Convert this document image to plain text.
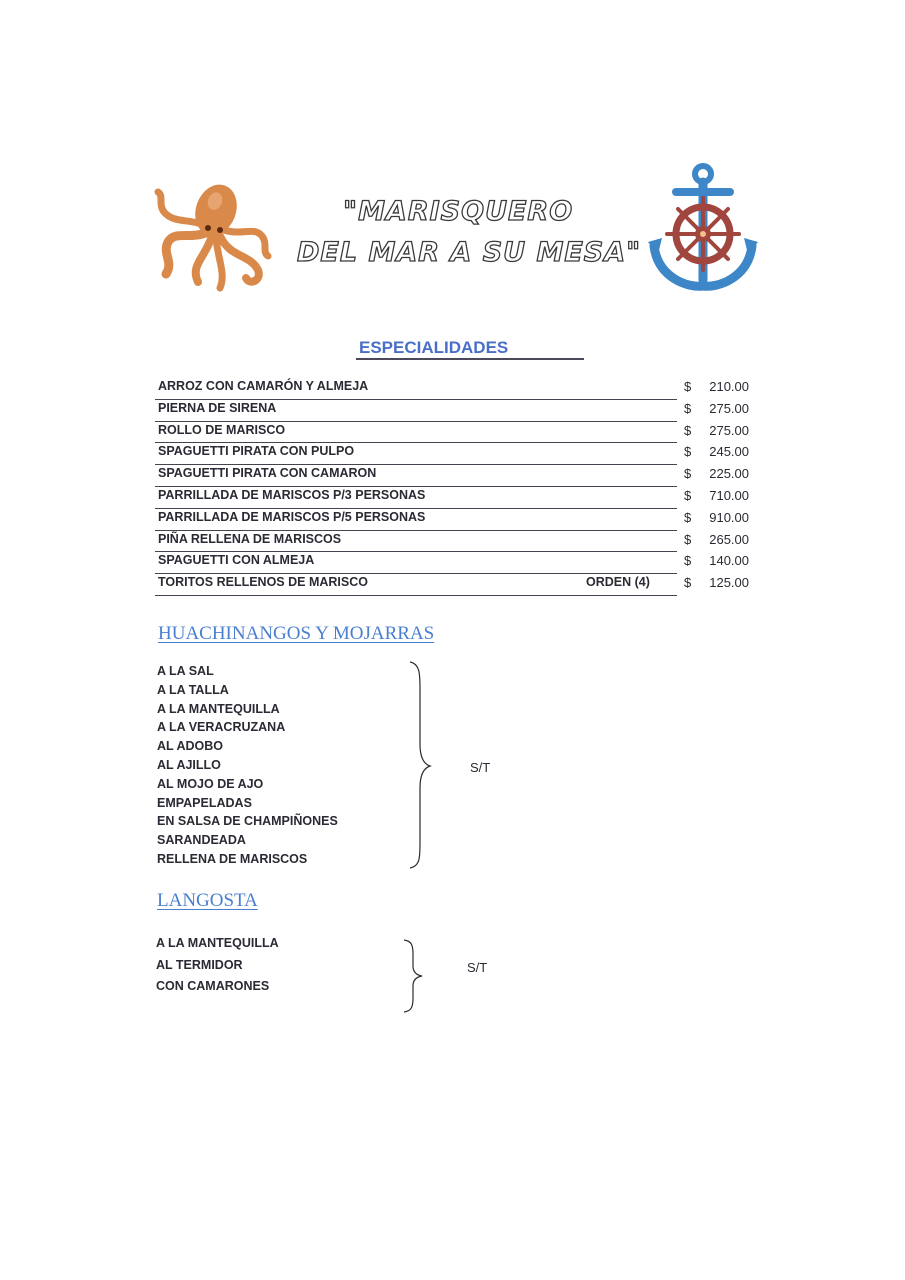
"MARISQUERO
DEL MAR A SU MESA"
ESPECIALIDADES
ARROZ CON CAMARÓN Y ALMEJA	$	210.00
PIERNA DE SIRENA	$	275.00
ROLLO DE MARISCO	$	275.00
SPAGUETTI PIRATA CON PULPO	$	245.00
SPAGUETTI PIRATA CON CAMARON	$	225.00
PARRILLADA DE MARISCOS P/3 PERSONAS	$	710.00
PARRILLADA DE MARISCOS P/5 PERSONAS	$	910.00
PIÑA RELLENA DE MARISCOS	$	265.00
SPAGUETTI CON ALMEJA	$	140.00
TORITOS RELLENOS DE MARISCO	ORDEN (4)	$	125.00
HUACHINANGOS Y MOJARRAS
A LA SAL
A LA TALLA
A LA MANTEQUILLA
A LA VERACRUZANA
AL ADOBO
AL AJILLO
AL MOJO DE AJO
EMPAPELADAS
EN SALSA DE CHAMPIÑONES
SARANDEADA
RELLENA DE MARISCOS
S/T
LANGOSTA
A LA MANTEQUILLA
AL TERMIDOR
CON CAMARONES
S/T
